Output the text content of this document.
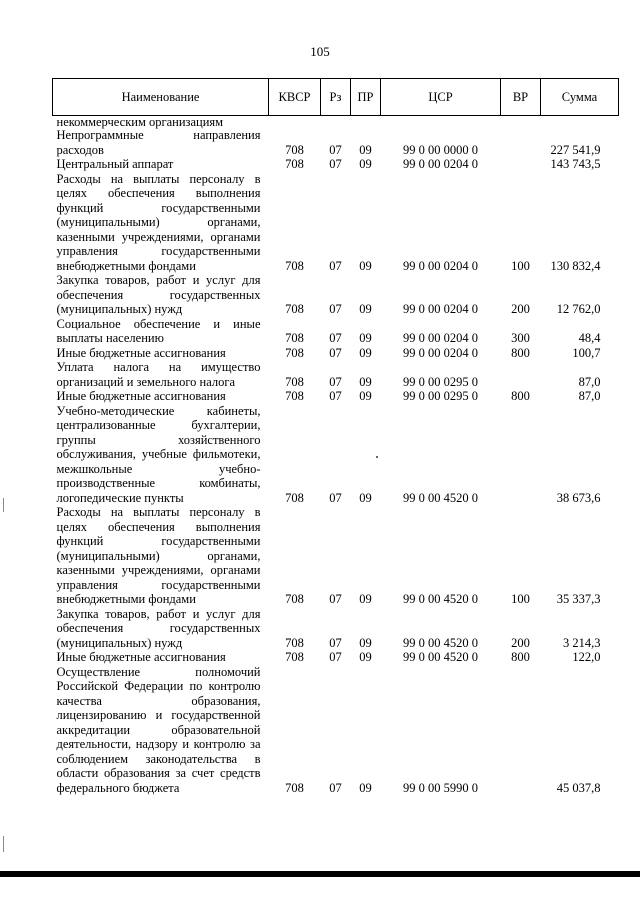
105
Наименование	КВСР	Рз	ПР	ЦСР	ВР	Сумма
некоммерческим организациям						
Непрограммные направления расходов	708	07	09	99 0 00 0000 0		227 541,9
Центральный аппарат	708	07	09	99 0 00 0204 0		143 743,5
Расходы на выплаты персоналу в целях обеспечения выполнения функций государственными (муниципальными) органами, казенными учреждениями, органами управления государственными внебюджетными фондами	708	07	09	99 0 00 0204 0	100	130 832,4
Закупка товаров, работ и услуг для обеспечения государственных (муниципальных) нужд	708	07	09	99 0 00 0204 0	200	12 762,0
Социальное обеспечение и иные выплаты населению	708	07	09	99 0 00 0204 0	300	48,4
Иные бюджетные ассигнования	708	07	09	99 0 00 0204 0	800	100,7
Уплата налога на имущество организаций и земельного налога	708	07	09	99 0 00 0295 0		87,0
Иные бюджетные ассигнования	708	07	09	99 0 00 0295 0	800	87,0
Учебно-методические кабинеты, централизованные бухгалтерии, группы хозяйственного обслуживания, учебные фильмотеки, межшкольные учебно-производственные комбинаты, логопедические пункты	708	07	09	99 0 00 4520 0		38 673,6
Расходы на выплаты персоналу в целях обеспечения выполнения функций государственными (муниципальными) органами, казенными учреждениями, органами управления государственными внебюджетными фондами	708	07	09	99 0 00 4520 0	100	35 337,3
Закупка товаров, работ и услуг для обеспечения государственных (муниципальных) нужд	708	07	09	99 0 00 4520 0	200	3 214,3
Иные бюджетные ассигнования	708	07	09	99 0 00 4520 0	800	122,0
Осуществление полномочий Российской Федерации по контролю качества образования, лицензированию и государственной аккредитации образовательной деятельности, надзору и контролю за соблюдением законодательства в области образования за счет средств федерального бюджета	708	07	09	99 0 00 5990 0		45 037,8
